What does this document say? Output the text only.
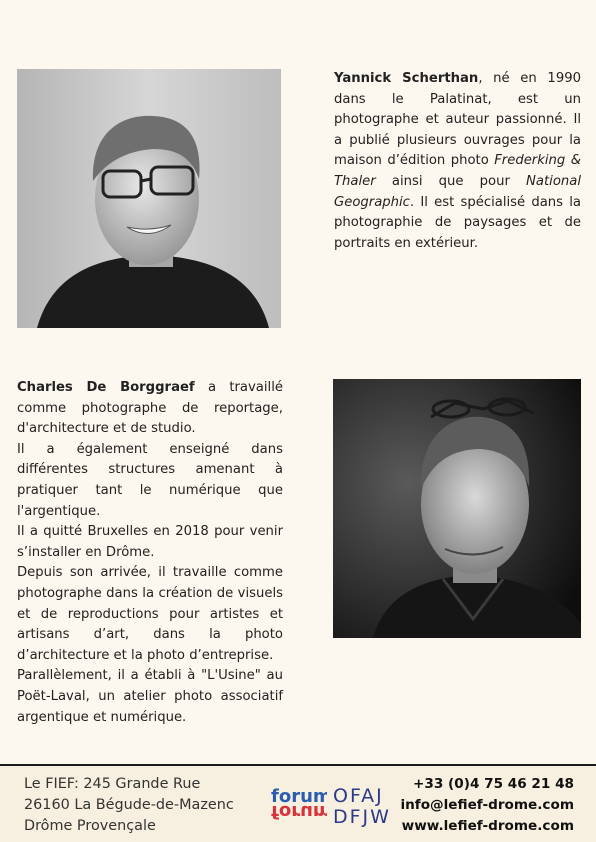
Yannick Scherthan, né en 1990 dans le Palatinat, est un photographe et auteur passionné. Il a publié plusieurs ouvrages pour la maison d’édition photo Frederking & Thaler ainsi que pour National Geographic. Il est spécialisé dans la photographie de paysages et de portraits en extérieur.

Charles De Borggraef a travaillé comme photographe de reportage, d'architecture et de studio.

Il a également enseigné dans différentes structures amenant à pratiquer tant le numérique que l'argentique.

Il a quitté Bruxelles en 2018 pour venir s’installer en Drôme.

Depuis son arrivée, il travaille comme photographe dans la création de visuels et de reproductions pour artistes et artisans d’art, dans la photo d’architecture et la photo d’entreprise.

Parallèlement, il a établi à "L'Usine" au Poët-Laval, un atelier photo associatif argentique et numérique.

Le FIEF: 245 Grande Rue
26160 La Bégude-de-Mazenc
Drôme Provençale
forum
forum
OFAJ
DFJW
+33 (0)4 75 46 21 48
info@lefief-drome.com
www.lefief-drome.com
